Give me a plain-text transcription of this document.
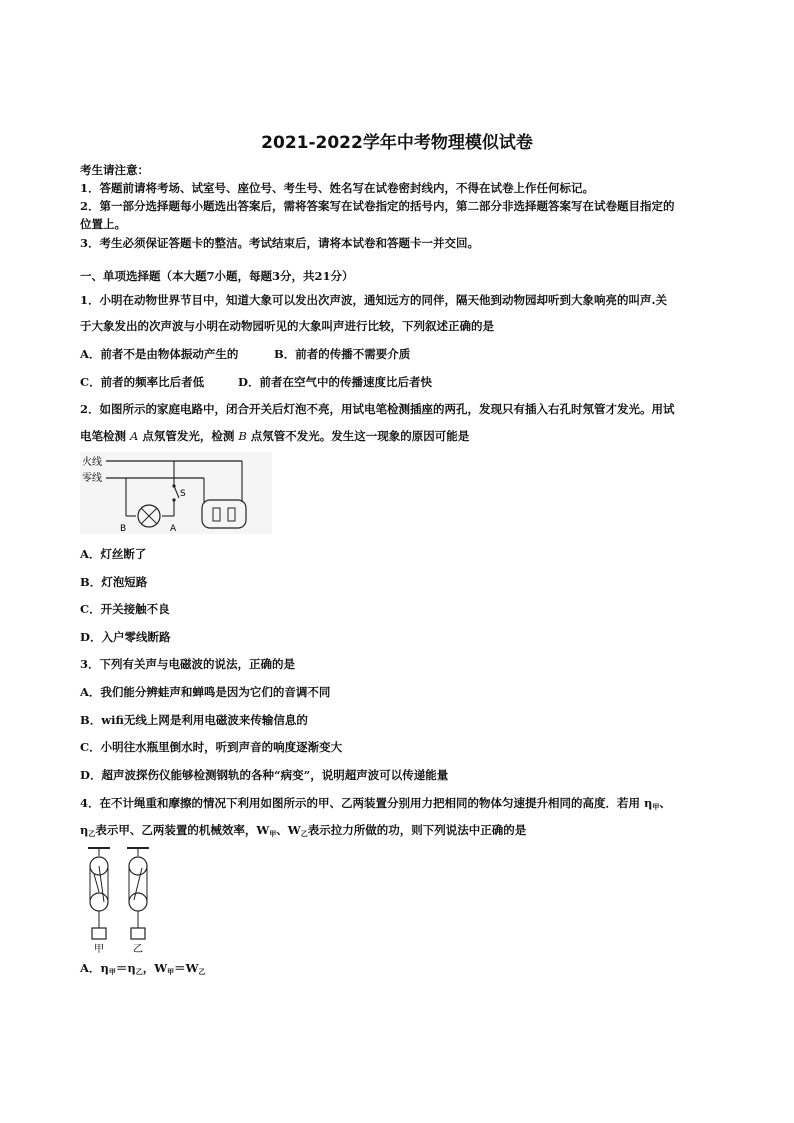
2021-2022学年中考物理模似试卷
考生请注意：
1．答题前请将考场、试室号、座位号、考生号、姓名写在试卷密封线内，不得在试卷上作任何标记。
2．第一部分选择题每小题选出答案后，需将答案写在试卷指定的括号内，第二部分非选择题答案写在试卷题目指定的
位置上。
3．考生必须保证答题卡的整洁。考试结束后，请将本试卷和答题卡一并交回。
一、单项选择题（本大题7小题，每题3分，共21分）
1．小明在动物世界节目中，知道大象可以发出次声波，通知远方的同伴，隔天他到动物园却听到大象响亮的叫声.关
于大象发出的次声波与小明在动物园听见的大象叫声进行比较，下列叙述正确的是
A．前者不是由物体振动产生的	B．前者的传播不需要介质
C．前者的频率比后者低	D．前者在空气中的传播速度比后者快
2．如图所示的家庭电路中，闭合开关后灯泡不亮，用试电笔检测插座的两孔，发现只有插入右孔时氖管才发光。用试
电笔检测 A 点氖管发光，检测 B 点氖管不发光。发生这一现象的原因可能是
火线
零线
S
B	A
A．灯丝断了
B．灯泡短路
C．开关接触不良
D．入户零线断路
3．下列有关声与电磁波的说法，正确的是
A．我们能分辨蛙声和蝉鸣是因为它们的音调不同
B．wifi无线上网是利用电磁波来传输信息的
C．小明往水瓶里倒水时，听到声音的响度逐渐变大
D．超声波探伤仪能够检测钢轨的各种“病变”，说明超声波可以传递能量
4．在不计绳重和摩擦的情况下利用如图所示的甲、乙两装置分别用力把相同的物体匀速提升相同的高度．若用 $\eta_甲$、
$\eta_乙$表示甲、乙两装置的机械效率，$W_甲$、$W_乙$表示拉力所做的功，则下列说法中正确的是
甲	乙
A．$\eta_甲=\eta_乙$，$W_甲=W_乙$
